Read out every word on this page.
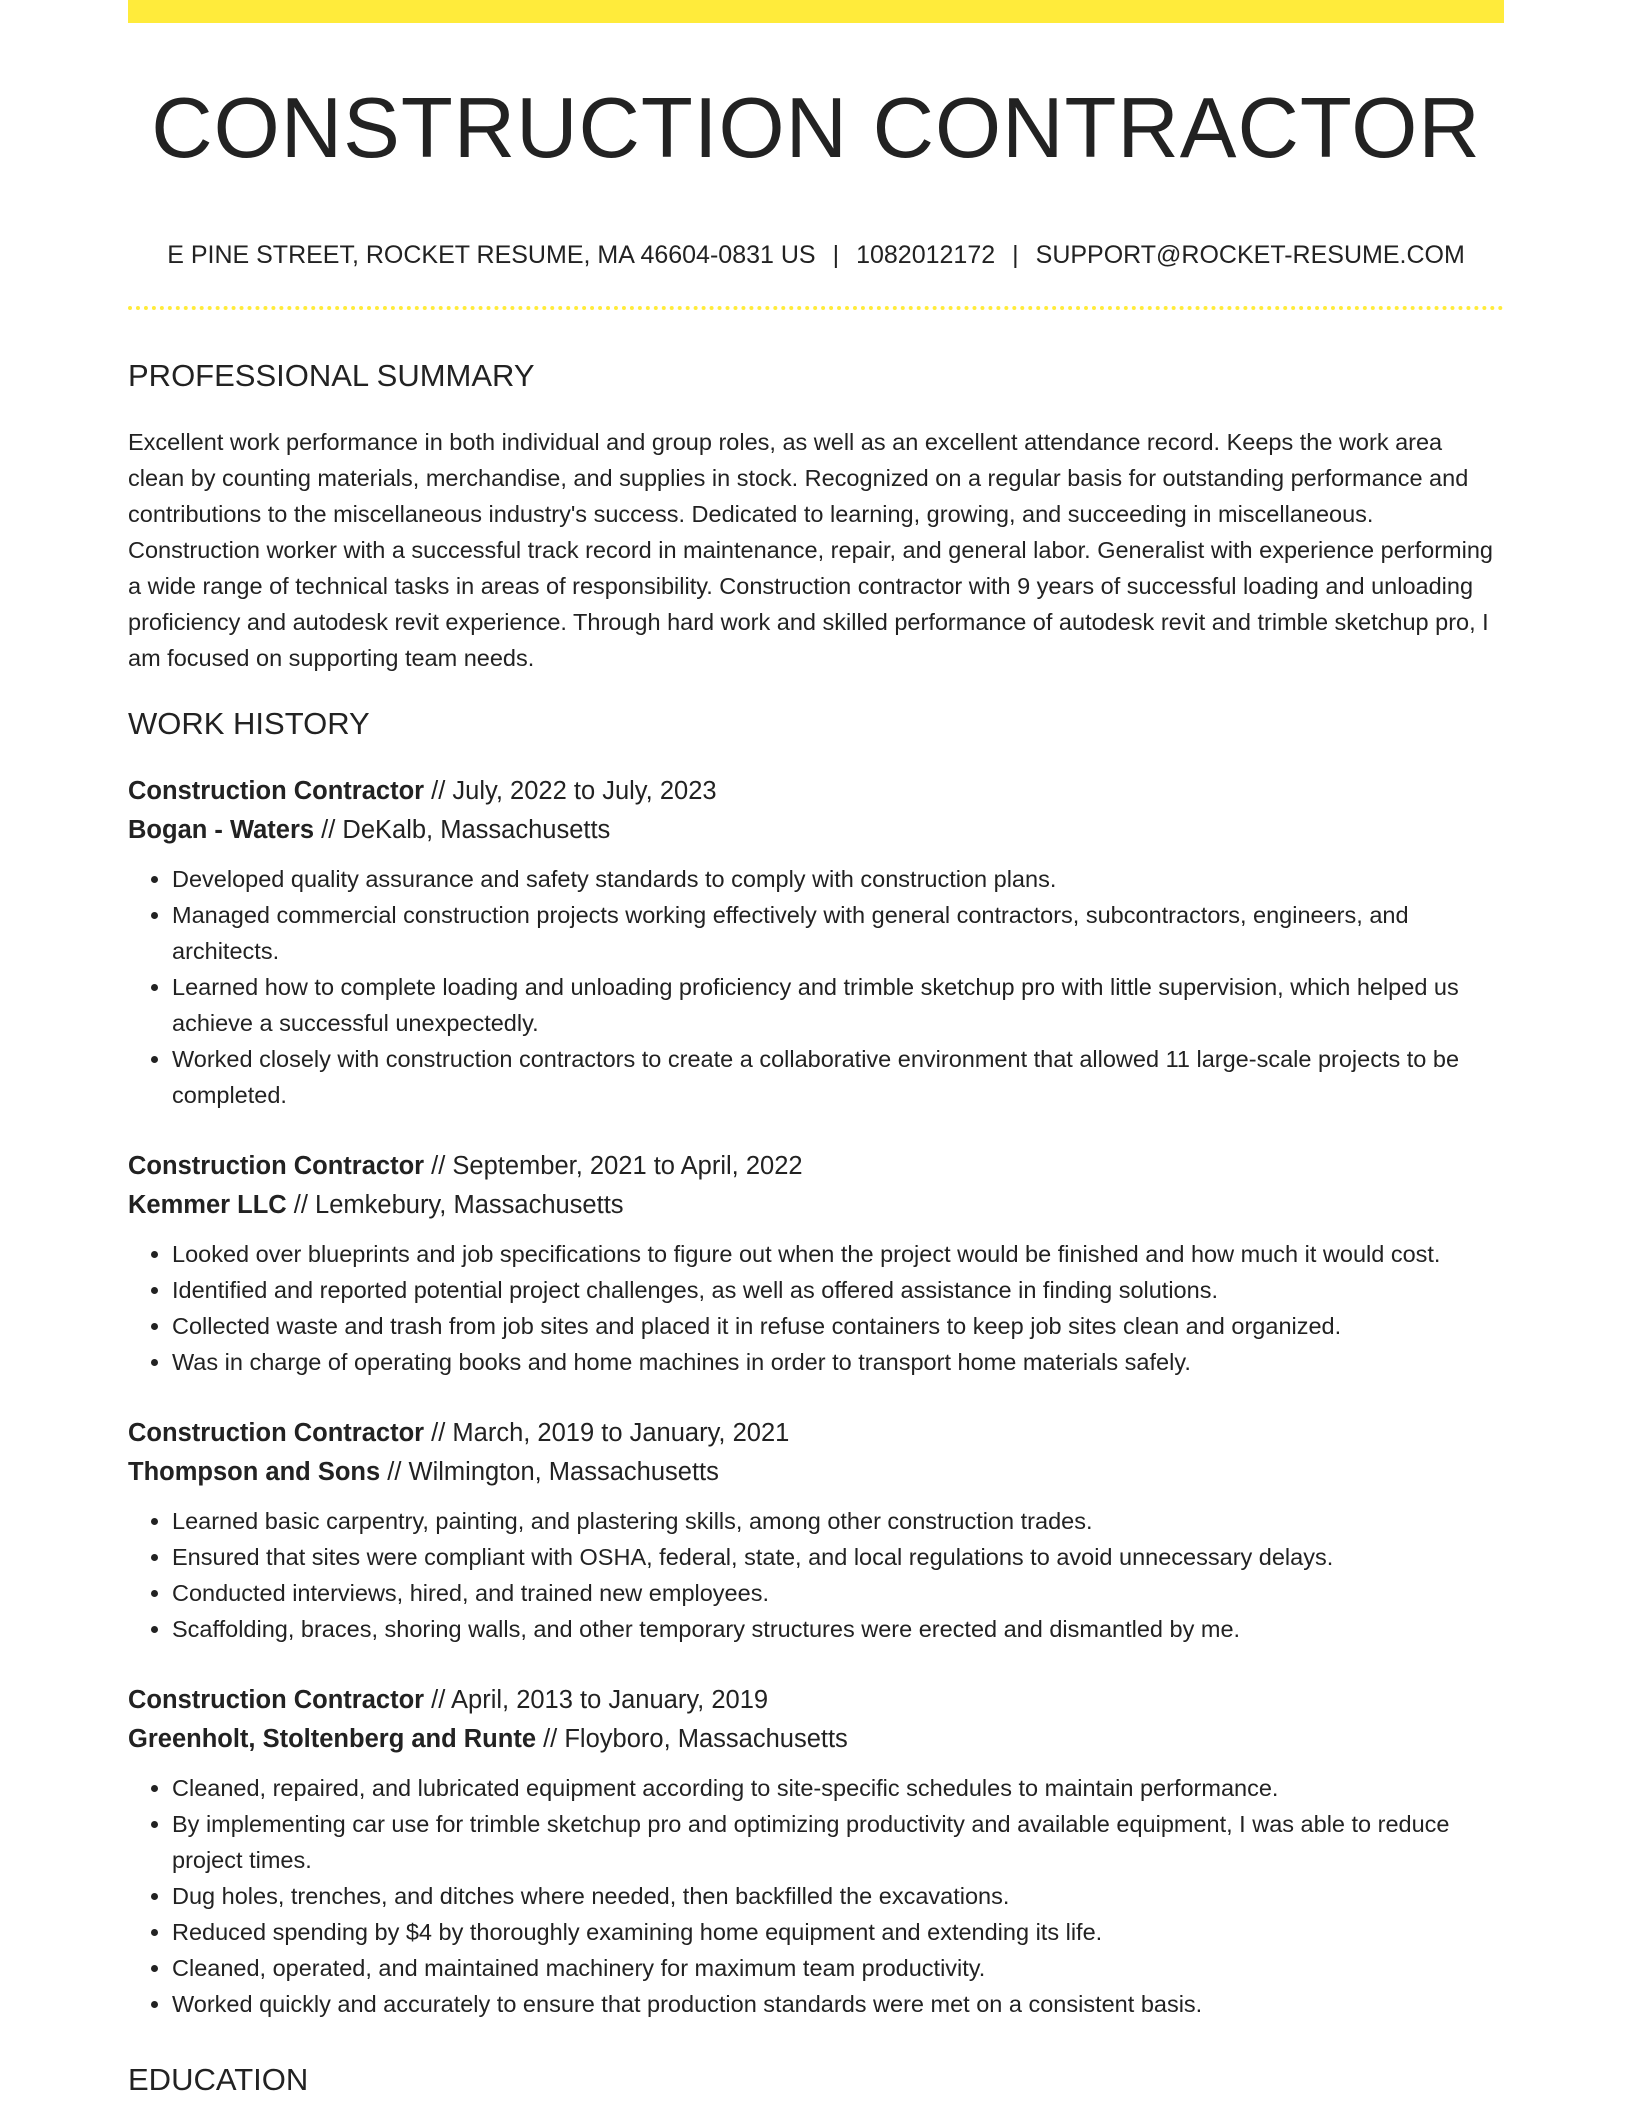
CONSTRUCTION CONTRACTOR
E PINE STREET, ROCKET RESUME, MA 46604-0831 US | 1082012172 | SUPPORT@ROCKET-RESUME.COM
PROFESSIONAL SUMMARY

Excellent work performance in both individual and group roles, as well as an excellent attendance record. Keeps the work area clean by counting materials, merchandise, and supplies in stock. Recognized on a regular basis for outstanding performance and contributions to the miscellaneous industry's success. Dedicated to learning, growing, and succeeding in miscellaneous. Construction worker with a successful track record in maintenance, repair, and general labor. Generalist with experience performing a wide range of technical tasks in areas of responsibility. Construction contractor with 9 years of successful loading and unloading proficiency and autodesk revit experience. Through hard work and skilled performance of autodesk revit and trimble sketchup pro, I am focused on supporting team needs.

WORK HISTORY
Construction Contractor // July, 2022 to July, 2023
Bogan - Waters // DeKalb, Massachusetts
• Developed quality assurance and safety standards to comply with construction plans.
• Managed commercial construction projects working effectively with general contractors, subcontractors, engineers, and architects.
• Learned how to complete loading and unloading proficiency and trimble sketchup pro with little supervision, which helped us achieve a successful unexpectedly.
• Worked closely with construction contractors to create a collaborative environment that allowed 11 large-scale projects to be completed.
Construction Contractor // September, 2021 to April, 2022
Kemmer LLC // Lemkebury, Massachusetts
• Looked over blueprints and job specifications to figure out when the project would be finished and how much it would cost.
• Identified and reported potential project challenges, as well as offered assistance in finding solutions.
• Collected waste and trash from job sites and placed it in refuse containers to keep job sites clean and organized.
• Was in charge of operating books and home machines in order to transport home materials safely.
Construction Contractor // March, 2019 to January, 2021
Thompson and Sons // Wilmington, Massachusetts
• Learned basic carpentry, painting, and plastering skills, among other construction trades.
• Ensured that sites were compliant with OSHA, federal, state, and local regulations to avoid unnecessary delays.
• Conducted interviews, hired, and trained new employees.
• Scaffolding, braces, shoring walls, and other temporary structures were erected and dismantled by me.
Construction Contractor // April, 2013 to January, 2019
Greenholt, Stoltenberg and Runte // Floyboro, Massachusetts
• Cleaned, repaired, and lubricated equipment according to site-specific schedules to maintain performance.
• By implementing car use for trimble sketchup pro and optimizing productivity and available equipment, I was able to reduce project times.
• Dug holes, trenches, and ditches where needed, then backfilled the excavations.
• Reduced spending by $4 by thoroughly examining home equipment and extending its life.
• Cleaned, operated, and maintained machinery for maximum team productivity.
• Worked quickly and accurately to ensure that production standards were met on a consistent basis.
EDUCATION
